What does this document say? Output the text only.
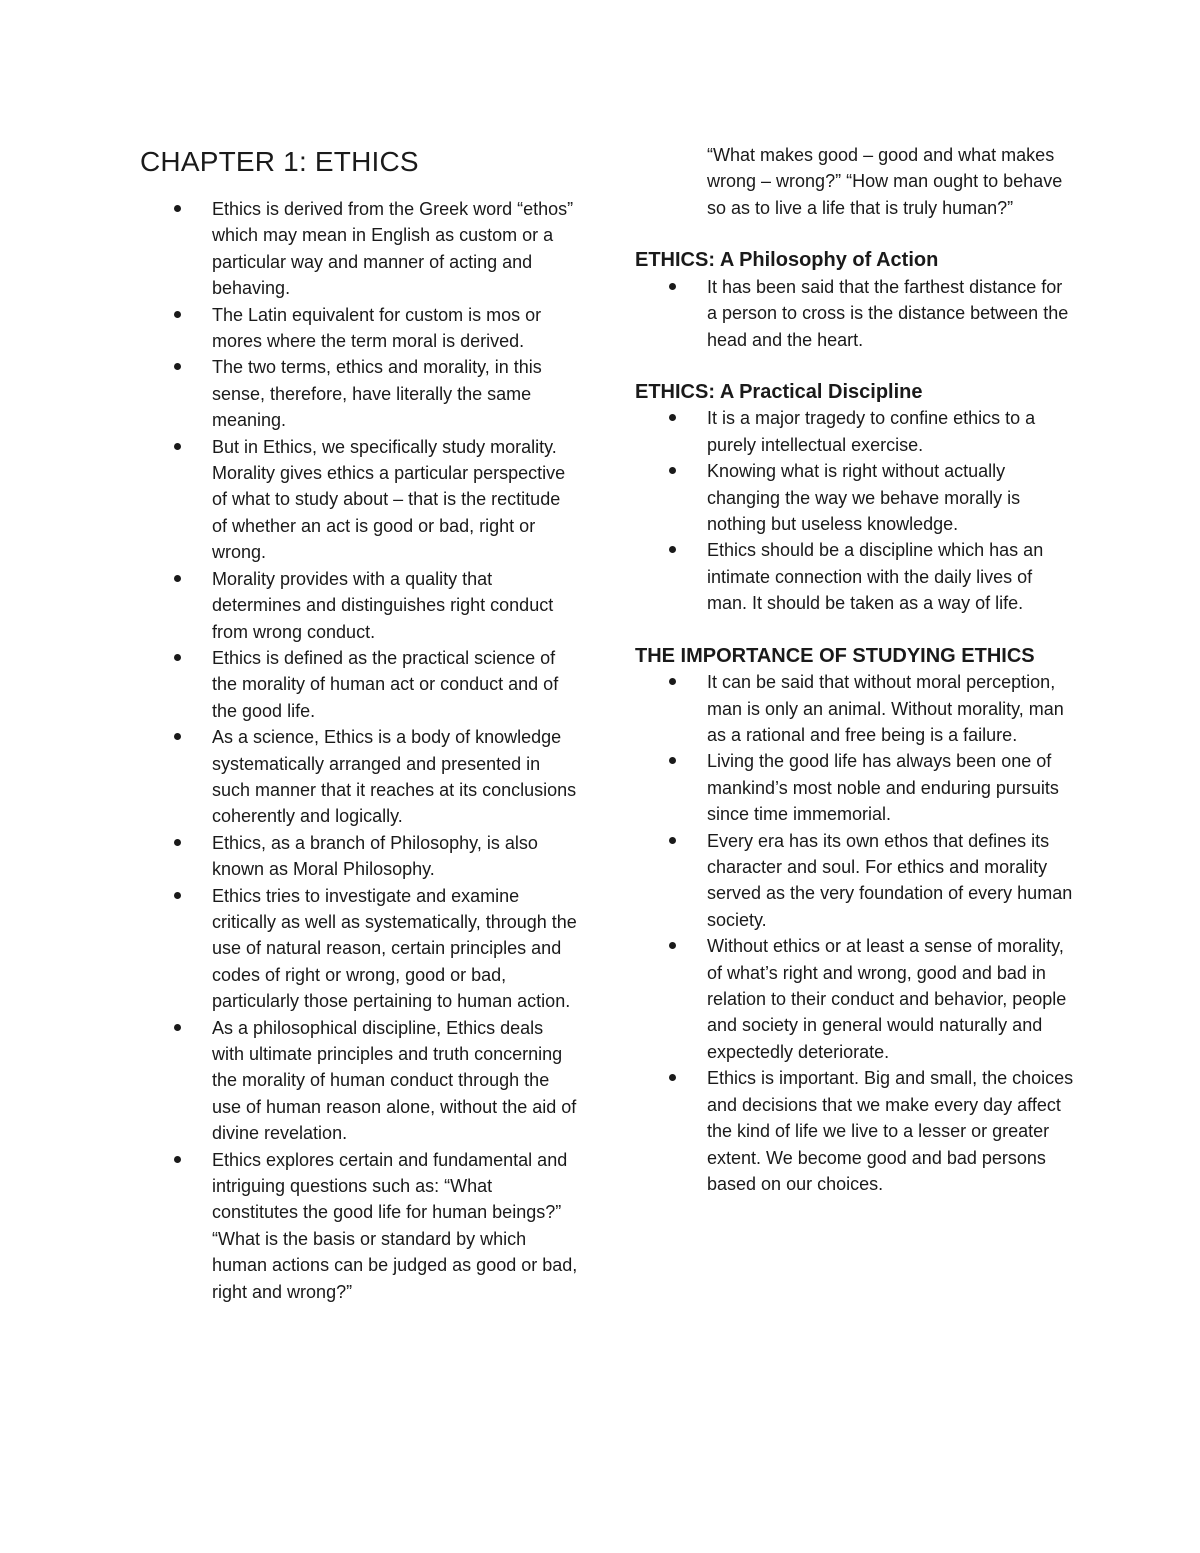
CHAPTER 1: ETHICS
Ethics is derived from the Greek word “ethos” which may mean in English as custom or a particular way and manner of acting and behaving.
The Latin equivalent for custom is mos or mores where the term moral is derived.
The two terms, ethics and morality, in this sense, therefore, have literally the same meaning.
But in Ethics, we specifically study morality. Morality gives ethics a particular perspective of what to study about – that is the rectitude of whether an act is good or bad, right or wrong.
Morality provides with a quality that determines and distinguishes right conduct from wrong conduct.
Ethics is defined as the practical science of the morality of human act or conduct and of the good life.
As a science, Ethics is a body of knowledge systematically arranged and presented in such manner that it reaches at its conclusions coherently and logically.
Ethics, as a branch of Philosophy, is also known as Moral Philosophy.
Ethics tries to investigate and examine critically as well as systematically, through the use of natural reason, certain principles and codes of right or wrong, good or bad, particularly those pertaining to human action.
As a philosophical discipline, Ethics deals with ultimate principles and truth concerning the morality of human conduct through the use of human reason alone, without the aid of divine revelation.
Ethics explores certain and fundamental and intriguing questions such as: “What constitutes the good life for human beings?” “What is the basis or standard by which human actions can be judged as good or bad, right and wrong?”

“What makes good – good and what makes wrong – wrong?” “How man ought to behave so as to live a life that is truly human?”

ETHICS: A Philosophy of Action
It has been said that the farthest distance for a person to cross is the distance between the head and the heart.
ETHICS: A Practical Discipline
It is a major tragedy to confine ethics to a purely intellectual exercise.
Knowing what is right without actually changing the way we behave morally is nothing but useless knowledge.
Ethics should be a discipline which has an intimate connection with the daily lives of man. It should be taken as a way of life.
THE IMPORTANCE OF STUDYING ETHICS
It can be said that without moral perception, man is only an animal. Without morality, man as a rational and free being is a failure.
Living the good life has always been one of mankind’s most noble and enduring pursuits since time immemorial.
Every era has its own ethos that defines its character and soul. For ethics and morality served as the very foundation of every human society.
Without ethics or at least a sense of morality, of what’s right and wrong, good and bad in relation to their conduct and behavior, people and society in general would naturally and expectedly deteriorate.
Ethics is important. Big and small, the choices and decisions that we make every day affect the kind of life we live to a lesser or greater extent. We become good and bad persons based on our choices.
